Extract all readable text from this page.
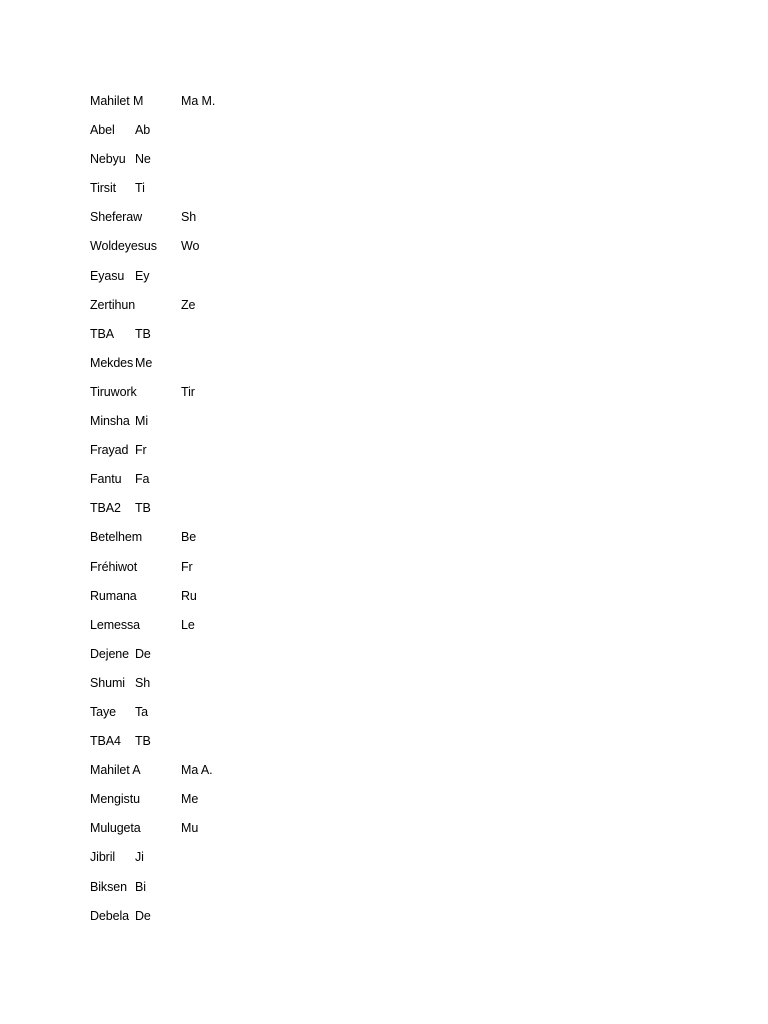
Mahilet M	Ma M.
Abel Ab
Nebyu Ne
Tirsit Ti
Sheferaw	Sh
Woldeyesus Wo
Eyasu Ey
Zertihun	Ze
TBA TB
Mekdes Me
Tiruwork	Tir
Minsha Mi
Frayad Fr
Fantu Fa
TBA2 TB
Betelhem	Be
Fréhiwot	Fr
Rumana	Ru
Lemessa	Le
Dejene De
Shumi Sh
Taye Ta
TBA4 TB
Mahilet A	Ma A.
Mengistu	Me
Mulugeta	Mu
Jibril Ji
Biksen Bi
Debela De
